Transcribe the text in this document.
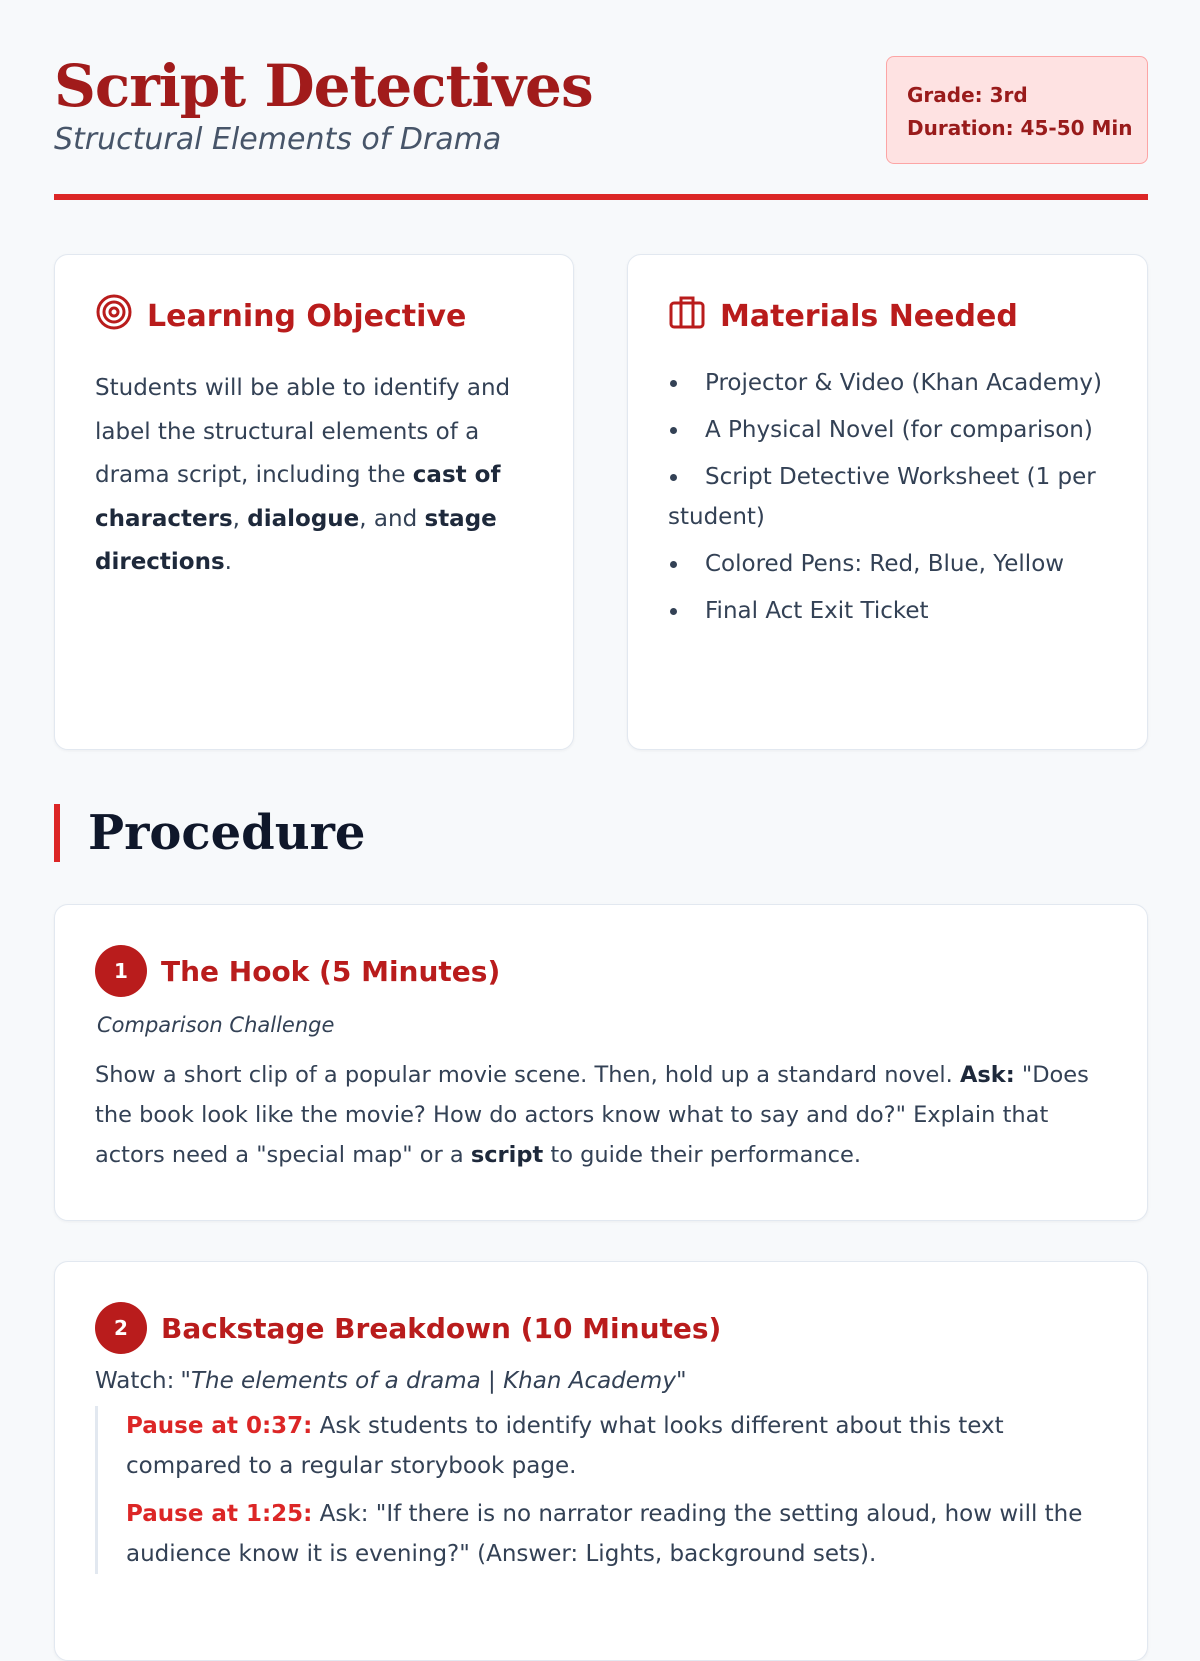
Script Detectives
Structural Elements of Drama
Grade: 3rd
Duration: 45-50 Min
Learning Objective

Students will be able to identify and label the structural elements of a drama script, including the cast of characters, dialogue, and stage directions.

Materials Needed
Projector & Video (Khan Academy)
A Physical Novel (for comparison)
Script Detective Worksheet (1 per student)
Colored Pens: Red, Blue, Yellow
Final Act Exit Ticket
Procedure
1	The Hook (5 Minutes)
Comparison Challenge

Show a short clip of a popular movie scene. Then, hold up a standard novel. Ask: "Does the book look like the movie? How do actors know what to say and do?" Explain that actors need a "special map" or a script to guide their performance.

2	Backstage Breakdown (10 Minutes)

Watch: "The elements of a drama | Khan Academy"

Pause at 0:37: Ask students to identify what looks different about this text compared to a regular storybook page.

Pause at 1:25: Ask: "If there is no narrator reading the setting aloud, how will the audience know it is evening?" (Answer: Lights, background sets).
